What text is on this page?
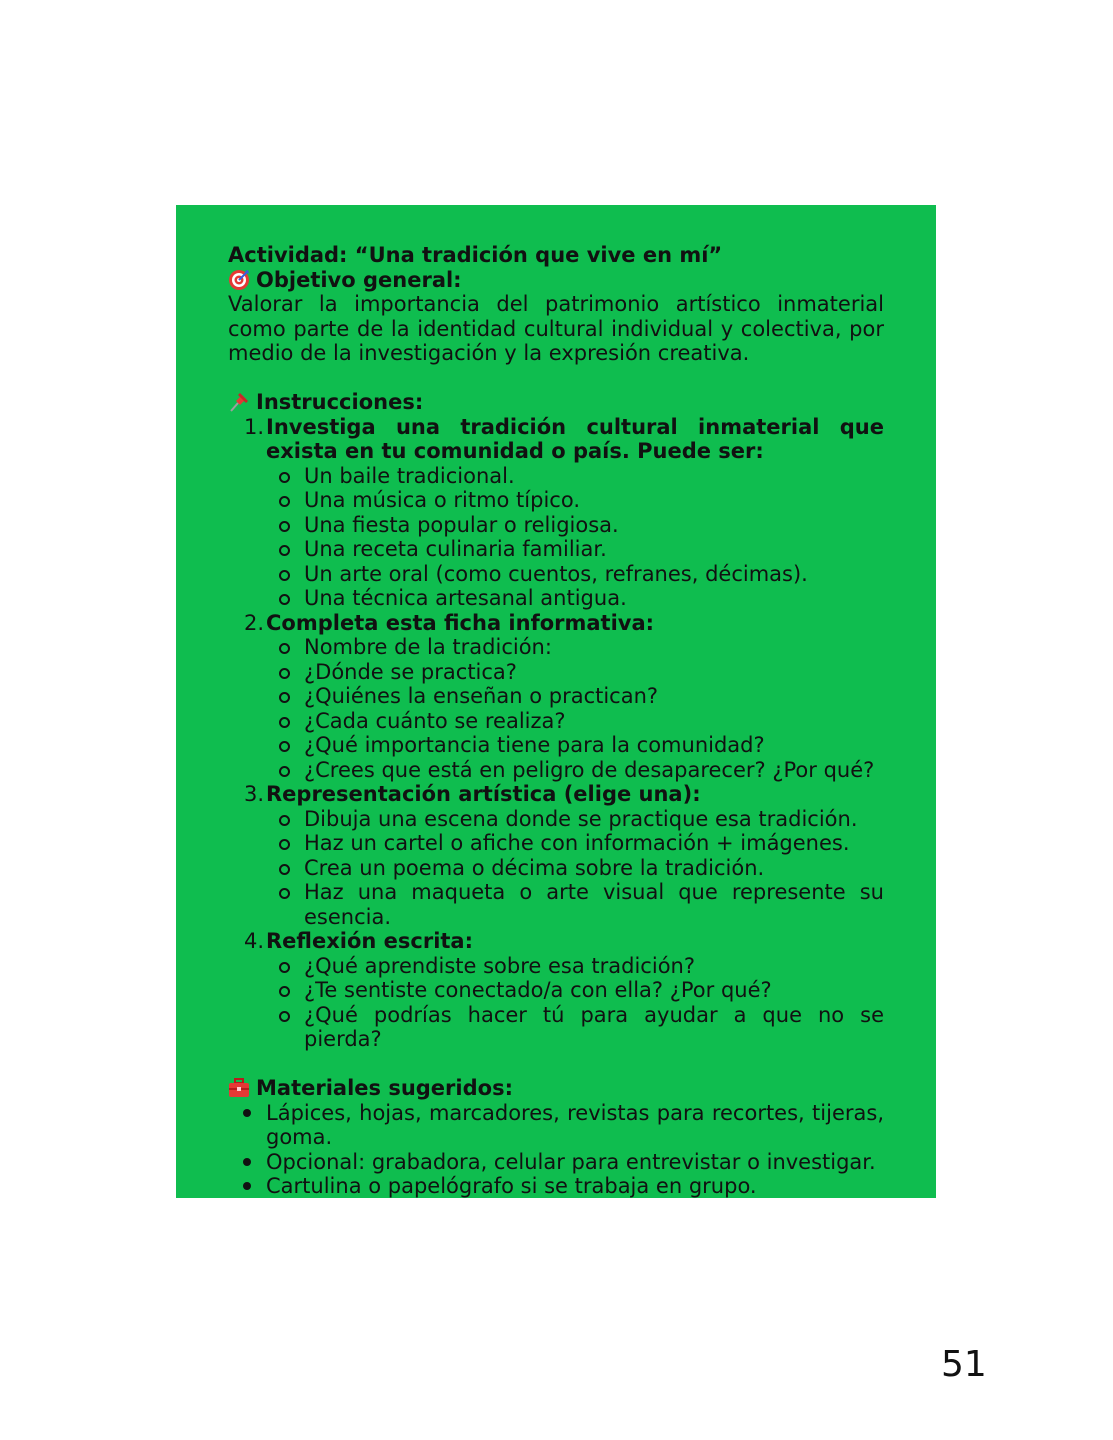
Actividad: “Una tradición que vive en mí”
Objetivo general:
Valorar la importancia del patrimonio artístico inmaterial como parte de la identidad cultural individual y colectiva, por medio de la investigación y la expresión creativa.
Instrucciones:
1. Investiga una tradición cultural inmaterial que exista en tu comunidad o país. Puede ser:
Un baile tradicional.
Una música o ritmo típico.
Una fiesta popular o religiosa.
Una receta culinaria familiar.
Un arte oral (como cuentos, refranes, décimas).
Una técnica artesanal antigua.
2. Completa esta ficha informativa:
Nombre de la tradición:
¿Dónde se practica?
¿Quiénes la enseñan o practican?
¿Cada cuánto se realiza?
¿Qué importancia tiene para la comunidad?
¿Crees que está en peligro de desaparecer? ¿Por qué?
3. Representación artística (elige una):
Dibuja una escena donde se practique esa tradición.
Haz un cartel o afiche con información + imágenes.
Crea un poema o décima sobre la tradición.
Haz una maqueta o arte visual que represente su esencia.
4. Reflexión escrita:
¿Qué aprendiste sobre esa tradición?
¿Te sentiste conectado/a con ella? ¿Por qué?
¿Qué podrías hacer tú para ayudar a que no se pierda?
Materiales sugeridos:
Lápices, hojas, marcadores, revistas para recortes, tijeras, goma.
Opcional: grabadora, celular para entrevistar o investigar.
Cartulina o papelógrafo si se trabaja en grupo.
51
